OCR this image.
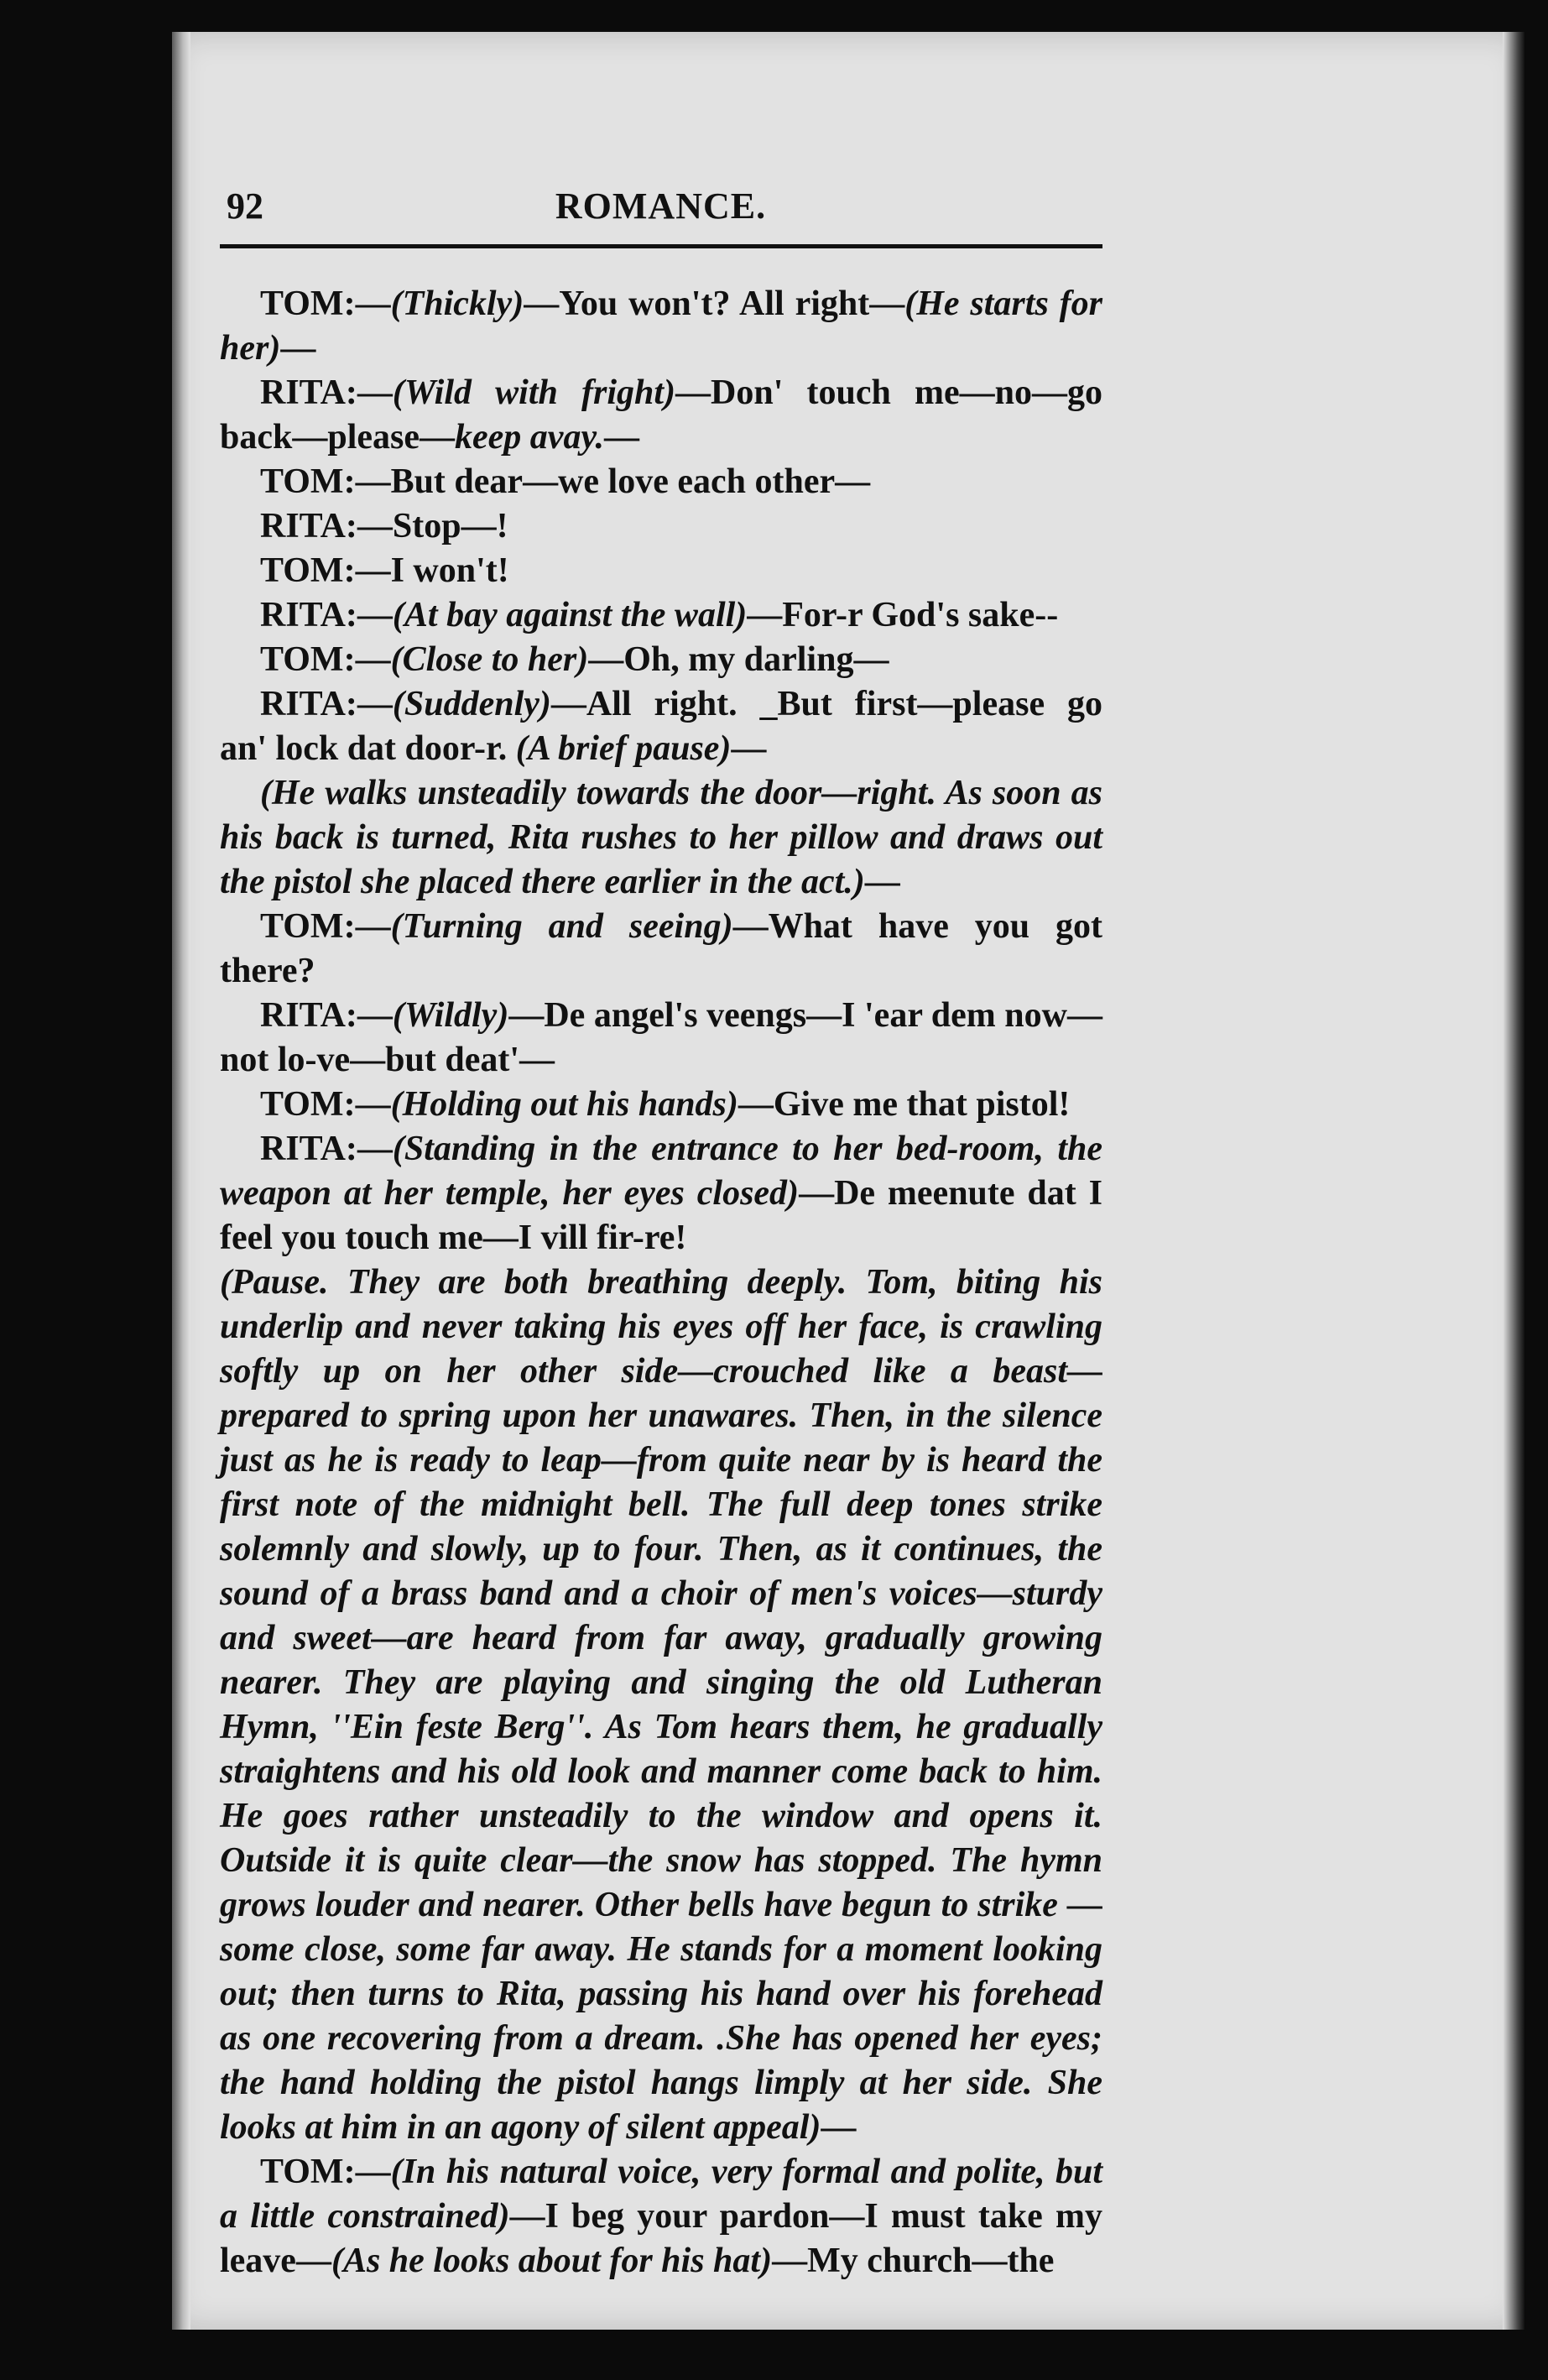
92	ROMANCE.

TOM:—(Thickly)—You won't? All right—(He starts for her)—

RITA:—(Wild with fright)—Don' touch me—no—go back—please—keep avay.—

TOM:—But dear—we love each other—

RITA:—Stop—!

TOM:—I won't!

RITA:—(At bay against the wall)—For-r God's sake--

TOM:—(Close to her)—Oh, my darling—

RITA:—(Suddenly)—All right. _But first—please go an' lock dat door-r. (A brief pause)—

(He walks unsteadily towards the door—right. As soon as his back is turned, Rita rushes to her pillow and draws out the pistol she placed there earlier in the act.)—

TOM:—(Turning and seeing)—What have you got there?

RITA:—(Wildly)—De angel's veengs—I 'ear dem now—not lo-ve—but deat'—

TOM:—(Holding out his hands)—Give me that pistol!

RITA:—(Standing in the entrance to her bed-room, the weapon at her temple, her eyes closed)—De meenute dat I feel you touch me—I vill fir-re!

(Pause. They are both breathing deeply. Tom, biting his underlip and never taking his eyes off her face, is crawling softly up on her other side—crouched like a beast—prepared to spring upon her unawares. Then, in the silence just as he is ready to leap—from quite near by is heard the first note of the midnight bell. The full deep tones strike solemnly and slowly, up to four. Then, as it continues, the sound of a brass band and a choir of men's voices—sturdy and sweet—are heard from far away, gradually growing nearer. They are playing and singing the old Lutheran Hymn, ''Ein feste Berg''. As Tom hears them, he gradually straightens and his old look and manner come back to him. He goes rather unsteadily to the window and opens it. Outside it is quite clear—the snow has stopped. The hymn grows louder and nearer. Other bells have begun to strike —some close, some far away. He stands for a moment looking out; then turns to Rita, passing his hand over his forehead as one recovering from a dream. .She has opened her eyes; the hand holding the pistol hangs limply at her side. She looks at him in an agony of silent appeal)—

TOM:—(In his natural voice, very formal and polite, but a little constrained)—I beg your pardon—I must take my leave—(As he looks about for his hat)—My church—the
